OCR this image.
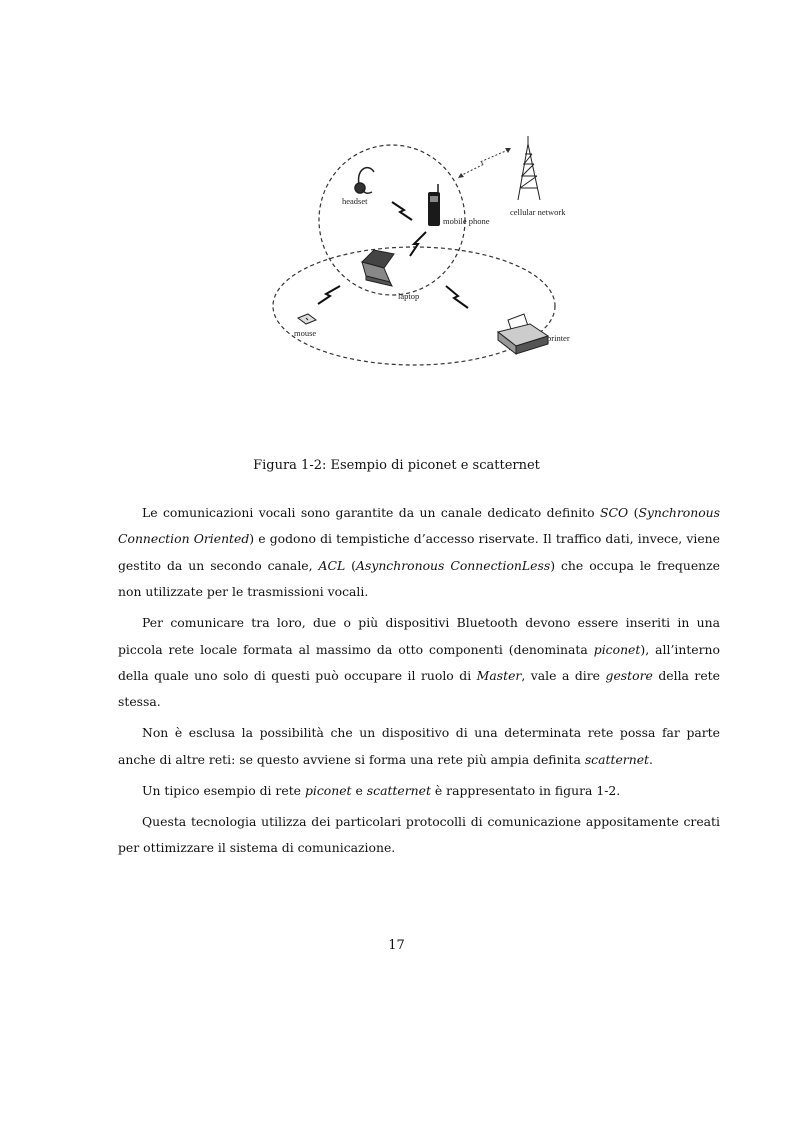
headset
mobile phone
cellular network
laptop
mouse	printer
Figura 1-2: Esempio di piconet e scatternet

Le comunicazioni vocali sono garantite da un canale dedicato definito SCO (Synchronous Connection Oriented) e godono di tempistiche d’accesso riservate. Il traffico dati, invece, viene gestito da un secondo canale, ACL (Asynchronous ConnectionLess) che occupa le frequenze non utilizzate per le trasmissioni vocali.

Per comunicare tra loro, due o più dispositivi Bluetooth devono essere inseriti in una piccola rete locale formata al massimo da otto componenti (denominata piconet), all’interno della quale uno solo di questi può occupare il ruolo di Master, vale a dire gestore della rete stessa.

Non è esclusa la possibilità che un dispositivo di una determinata rete possa far parte anche di altre reti: se questo avviene si forma una rete più ampia definita scatternet.

Un tipico esempio di rete piconet e scatternet è rappresentato in figura 1-2.

Questa tecnologia utilizza dei particolari protocolli di comunicazione appositamente creati per ottimizzare il sistema di comunicazione.

17
